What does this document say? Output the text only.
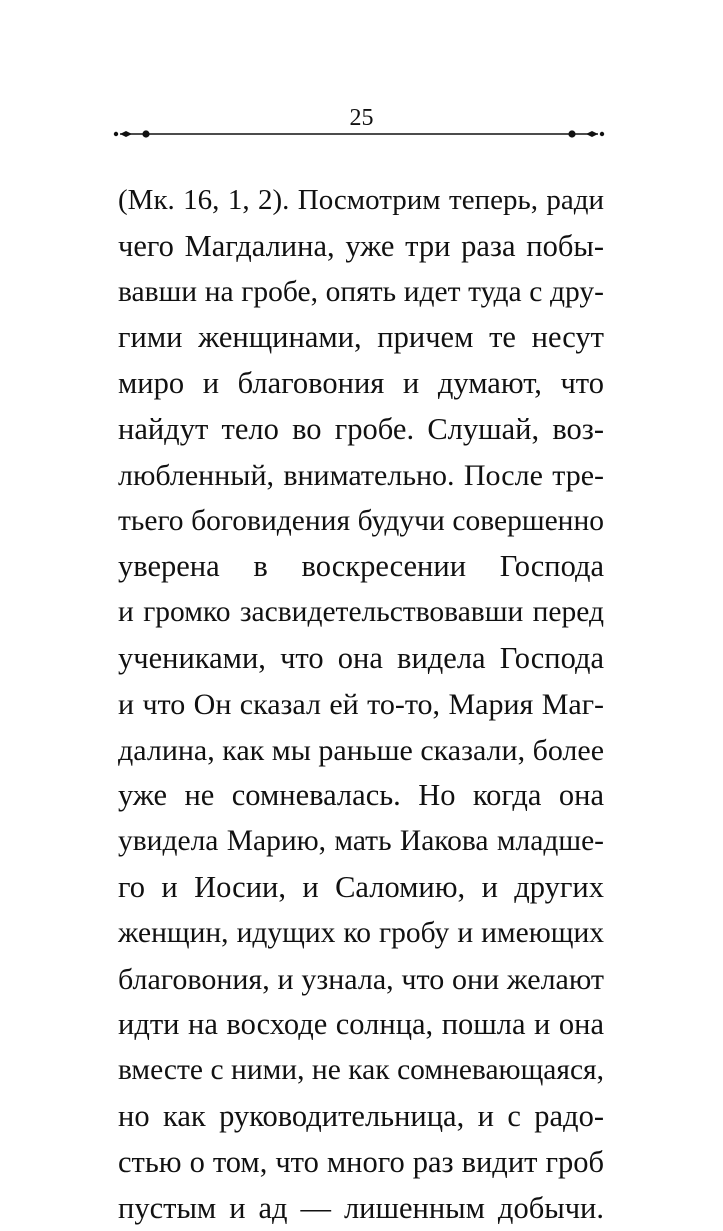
25
(Мк. 16, 1, 2). Посмотрим теперь, ради
чего Магдалина, уже три раза побы-
вавши на гробе, опять идет туда с дру-
гими женщинами, причем те несут
миро и благовония и думают, что
найдут тело во гробе. Слушай, воз-
любленный, внимательно. После тре-
тьего боговидения будучи совершенно
уверена в воскресении Господа
и громко засвидетельствовавши перед
учениками, что она видела Господа
и что Он сказал ей то-то, Мария Маг-
далина, как мы раньше сказали, более
уже не сомневалась. Но когда она
увидела Марию, мать Иакова младше-
го и Иосии, и Саломию, и других
женщин, идущих ко гробу и имеющих
благовония, и узнала, что они желают
идти на восходе солнца, пошла и она
вместе с ними, не как сомневающаяся,
но как руководительница, и с радо-
стью о том, что много раз видит гроб
пустым и ад — лишенным добычи.
